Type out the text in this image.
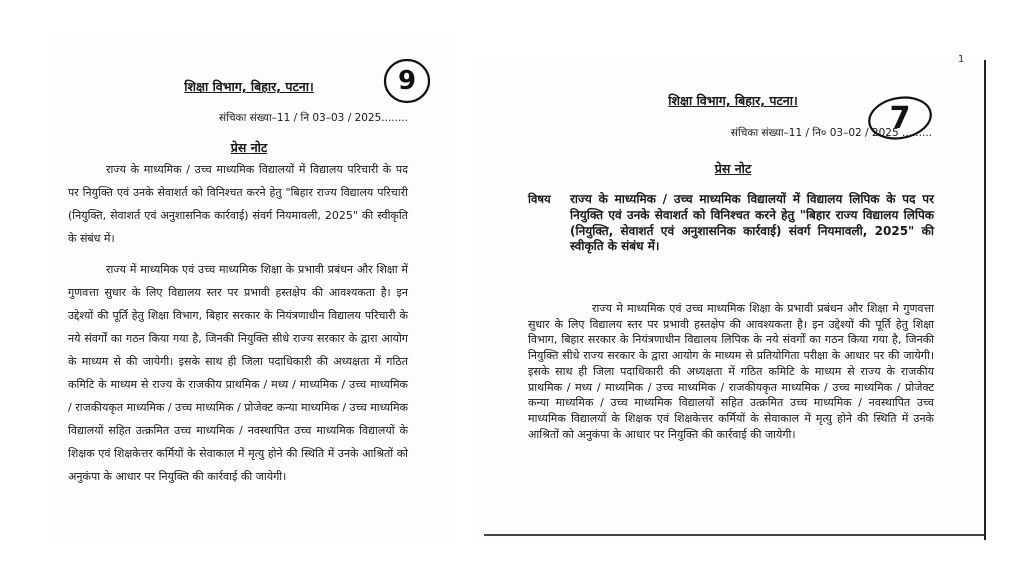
9
शिक्षा विभाग, बिहार, पटना।
संचिका संख्या–11 / नि 03–03 / 2025........
प्रेस नोट

राज्य के माध्यमिक / उच्च माध्यमिक विद्यालयों में विद्यालय परिचारी के पद पर नियुक्ति एवं उनके सेवाशर्त को विनिश्चत करने हेतु "बिहार राज्य विद्यालय परिचारी (नियुक्ति, सेवाशर्त एवं अनुशासनिक कार्रवाई) संवर्ग नियमावली, 2025" की स्वीकृति के संबंध में।

राज्य में माध्यमिक एवं उच्च माध्यमिक शिक्षा के प्रभावी प्रबंधन और शिक्षा में गुणवत्ता सुधार के लिए विद्यालय स्तर पर प्रभावी हस्तक्षेप की आवश्यकता है। इन उद्देश्यों की पूर्ति हेतु शिक्षा विभाग, बिहार सरकार के नियंत्रणाधीन विद्यालय परिचारी के नये संवर्गों का गठन किया गया है, जिनकी नियुक्ति सीधे राज्य सरकार के द्वारा आयोग के माध्यम से की जायेगी। इसके साथ ही जिला पदाधिकारी की अध्यक्षता में गठित कमिटि के माध्यम से राज्य के राजकीय प्राथमिक / मध्य / माध्यमिक / उच्च माध्यमिक / राजकीयकृत माध्यमिक / उच्च माध्यमिक / प्रोजेक्ट कन्या माध्यमिक / उच्च माध्यमिक विद्यालयों सहित उत्क्रमित उच्च माध्यमिक / नवस्थापित उच्च माध्यमिक विद्यालयों के शिक्षक एवं शिक्षकेत्तर कर्मियों के सेवाकाल में मृत्यु होने की स्थिति में उनके आश्रितों को अनुकंपा के आधार पर नियुक्ति की कार्रवाई की जायेगी।

1
शिक्षा विभाग, बिहार, पटना।
संचिका संख्या–11 / नि० 03–02 / 2025 .........
7
प्रेस नोट
विषय राज्य के माध्यमिक / उच्च माध्यमिक विद्यालयों में विद्यालय लिपिक के पद पर नियुक्ति एवं उनके सेवाशर्त को विनिश्चत करने हेतु "बिहार राज्य विद्यालय लिपिक (नियुक्ति, सेवाशर्त एवं अनुशासनिक कार्रवाई) संवर्ग नियमावली, 2025" की स्वीकृति के संबंध में।

राज्य मे माध्यमिक एवं उच्च माध्यमिक शिक्षा के प्रभावी प्रबंधन और शिक्षा मे गुणवत्ता सुधार के लिए विद्यालय स्तर पर प्रभावी हस्तक्षेप की आवश्यकता है। इन उद्देश्यों की पूर्ति हेतु शिक्षा विभाग, बिहार सरकार के नियंत्रणाधीन विद्यालय लिपिक के नये संवर्गों का गठन किया गया है, जिनकी नियुक्ति सीधे राज्य सरकार के द्वारा आयोग के माध्यम से प्रतियोगिता परीक्षा के आधार पर की जायेगी। इसके साथ ही जिला पदाधिकारी की अध्यक्षता में गठित कमिटि के माध्यम से राज्य के राजकीय प्राथमिक / मध्य / माध्यमिक / उच्च माध्यमिक / राजकीयकृत माध्यमिक / उच्च माध्यमिक / प्रोजेक्ट कन्या माध्यमिक / उच्च माध्यमिक विद्यालयों सहित उत्क्रमित उच्च माध्यमिक / नवस्थापित उच्च माध्यमिक विद्यालयों के शिक्षक एवं शिक्षकेत्तर कर्मियों के सेवाकाल में मृत्यु होने की स्थिति में उनके आश्रितों को अनुकंपा के आधार पर नियुक्ति की कार्रवाई की जायेगी।
